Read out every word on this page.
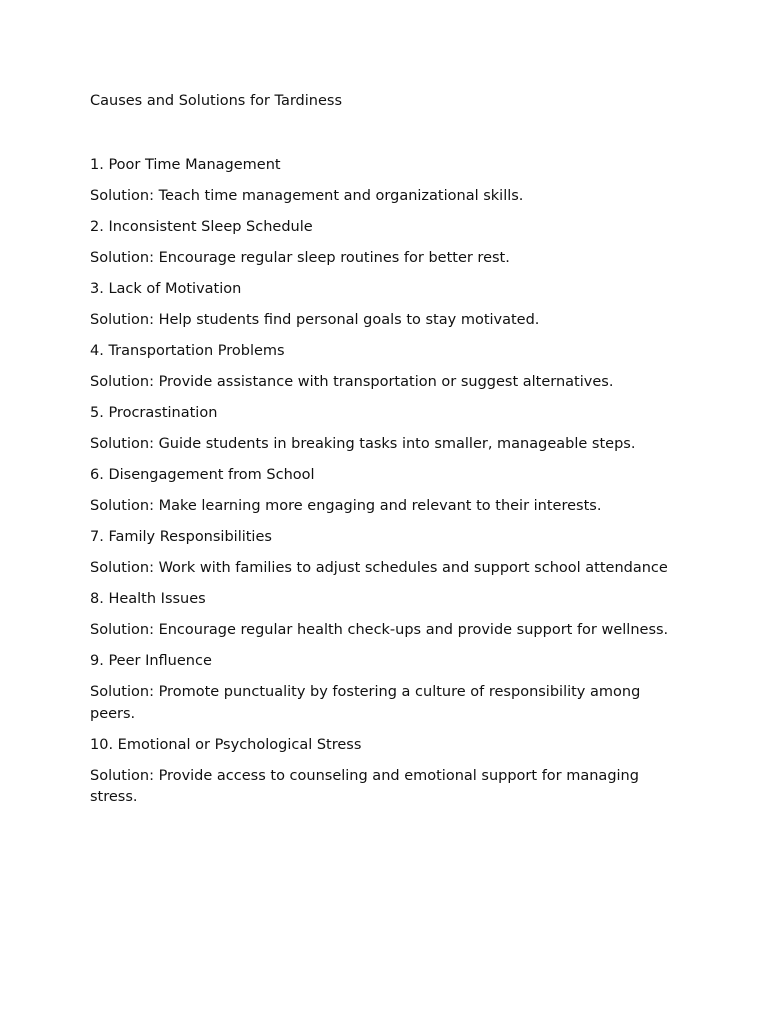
Causes and Solutions for Tardiness

1. Poor Time Management

Solution: Teach time management and organizational skills.

2. Inconsistent Sleep Schedule

Solution: Encourage regular sleep routines for better rest.

3. Lack of Motivation

Solution: Help students find personal goals to stay motivated.

4. Transportation Problems

Solution: Provide assistance with transportation or suggest alternatives.

5. Procrastination

Solution: Guide students in breaking tasks into smaller, manageable steps.

6. Disengagement from School

Solution: Make learning more engaging and relevant to their interests.

7. Family Responsibilities

Solution: Work with families to adjust schedules and support school attendance

8. Health Issues

Solution: Encourage regular health check-ups and provide support for wellness.

9. Peer Influence

Solution: Promote punctuality by fostering a culture of responsibility among peers.

10. Emotional or Psychological Stress

Solution: Provide access to counseling and emotional support for managing stress.
